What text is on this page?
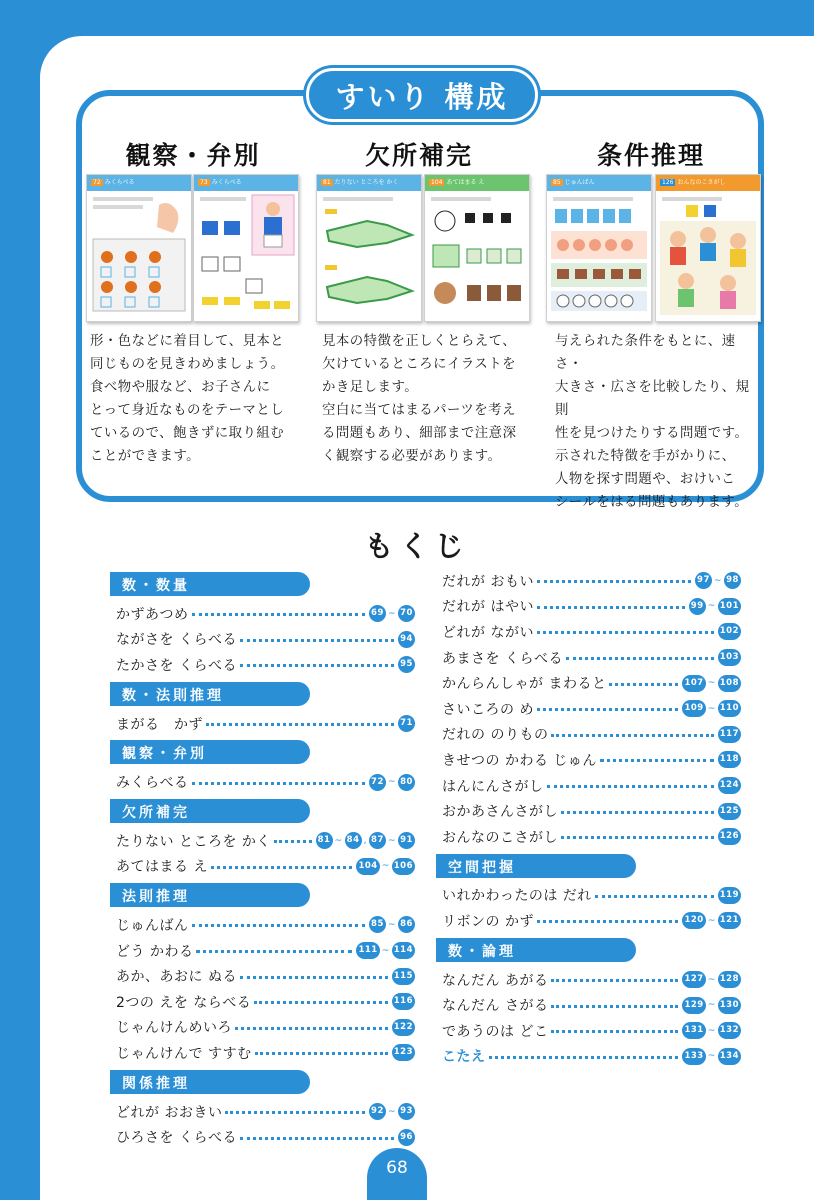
すいり 構成
観察・弁別
72 みくらべる	73 みくらべる
形・色などに着目して、見本と
同じものを見きわめましょう。
食べ物や服など、お子さんに
とって身近なものをテーマとし
ているので、飽きずに取り組む
ことができます。
欠所補完
81 たりない ところを かく	104 あてはまる え
見本の特徴を正しくとらえて、
欠けているところにイラストを
かき足します。
空白に当てはまるパーツを考え
る問題もあり、細部まで注意深
く観察する必要があります。
条件推理
85 じゅんばん	126 おんなのこさがし
与えられた条件をもとに、速さ・
大きさ・広さを比較したり、規則
性を見つけたりする問題です。
示された特徴を手がかりに、
人物を探す問題や、おけいこ
シールをはる問題もあります。
もくじ
数・数量
かずあつめ	69 ~ 70
ながさを くらべる	94
たかさを くらべる	95
数・法則推理
まがる　かず	71
観察・弁別
みくらべる	72 ~ 80
欠所補完
たりない ところを かく	81 ~ 84 , 87 ~ 91
あてはまる え	104 ~ 106
法則推理
じゅんばん	85 ~ 86
どう かわる	111 ~ 114
あか、あおに ぬる	115
2つの えを ならべる	116
じゃんけんめいろ	122
じゃんけんで すすむ	123
関係推理
どれが おおきい	92 ~ 93
ひろさを くらべる	96
だれが おもい	97 ~ 98
だれが はやい	99 ~ 101
どれが ながい	102
あまさを くらべる	103
かんらんしゃが まわると	107 ~ 108
さいころの め	109 ~ 110
だれの のりもの	117
きせつの かわる じゅん	118
はんにんさがし	124
おかあさんさがし	125
おんなのこさがし	126
空間把握
いれかわったのは だれ	119
リボンの かず	120 ~ 121
数・論理
なんだん あがる	127 ~ 128
なんだん さがる	129 ~ 130
であうのは どこ	131 ~ 132
こたえ	133 ~ 134
68
